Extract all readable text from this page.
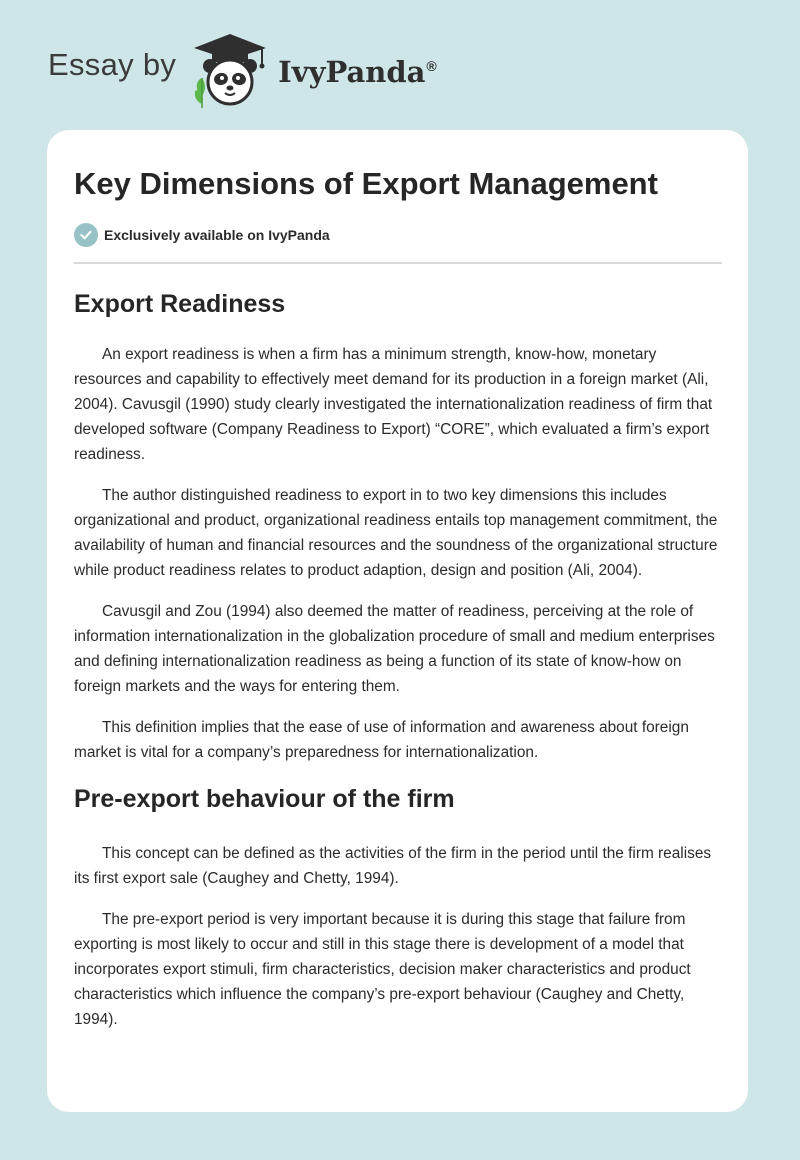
Essay by	IvyPanda®
Key Dimensions of Export Management
Exclusively available on IvyPanda
Export Readiness

An export readiness is when a firm has a minimum strength, know-how, monetary resources and capability to effectively meet demand for its production in a foreign market (Ali, 2004). Cavusgil (1990) study clearly investigated the internationalization readiness of firm that developed software (Company Readiness to Export) “CORE”, which evaluated a firm’s export readiness.

The author distinguished readiness to export in to two key dimensions this includes organizational and product, organizational readiness entails top management commitment, the availability of human and financial resources and the soundness of the organizational structure while product readiness relates to product adaption, design and position (Ali, 2004).

Cavusgil and Zou (1994) also deemed the matter of readiness, perceiving at the role of information internationalization in the globalization procedure of small and medium enterprises and defining internationalization readiness as being a function of its state of know-how on foreign markets and the ways for entering them.

This definition implies that the ease of use of information and awareness about foreign market is vital for a company’s preparedness for internationalization.

Pre-export behaviour of the firm

This concept can be defined as the activities of the firm in the period until the firm realises its first export sale (Caughey and Chetty, 1994).

The pre-export period is very important because it is during this stage that failure from exporting is most likely to occur and still in this stage there is development of a model that incorporates export stimuli, firm characteristics, decision maker characteristics and product characteristics which influence the company’s pre-export behaviour (Caughey and Chetty, 1994).
